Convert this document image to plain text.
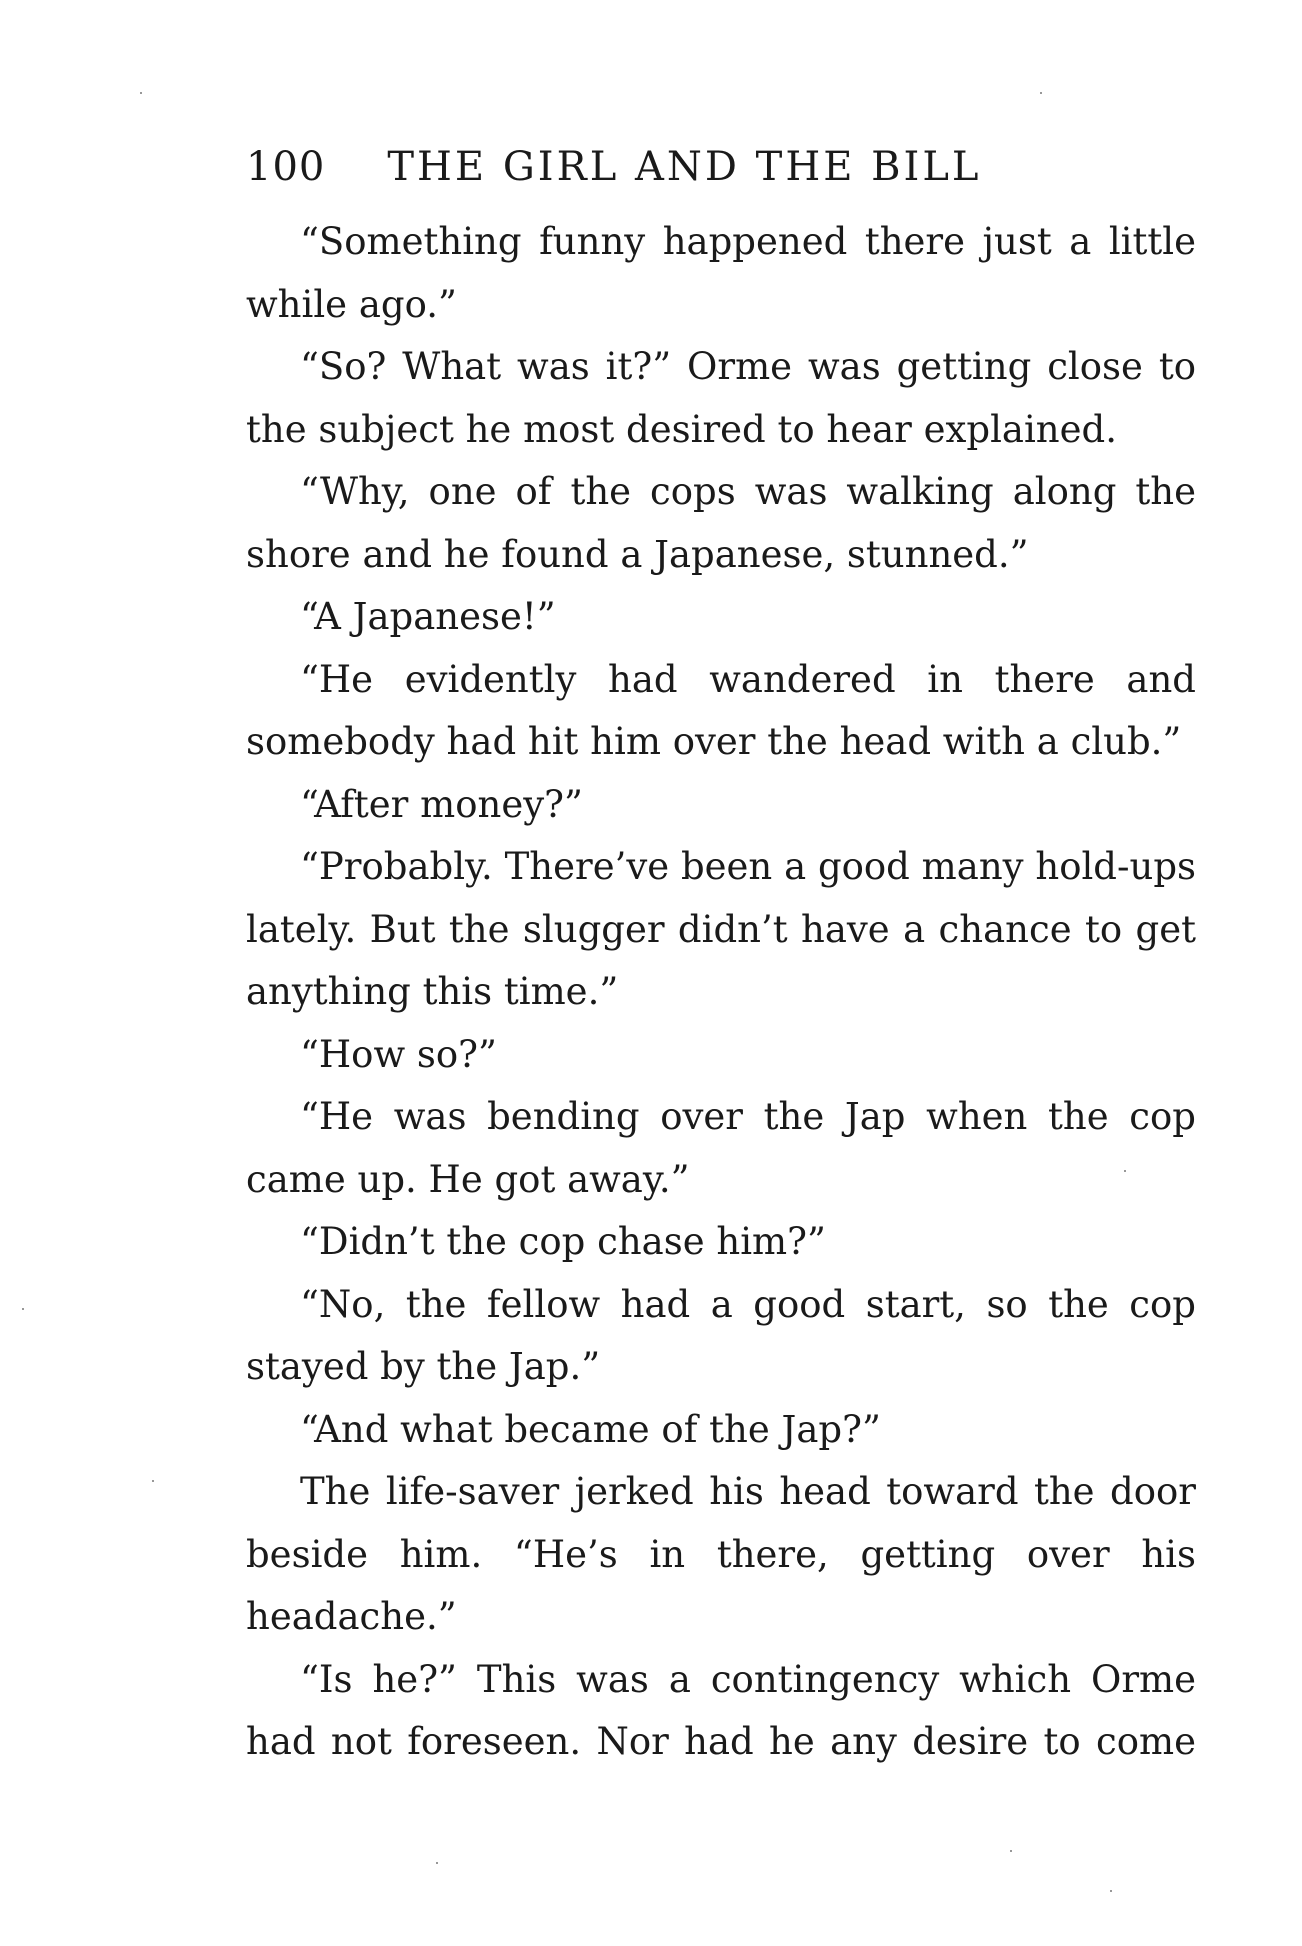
100 THE GIRL AND THE BILL

“Something funny happened there just a little while ago.”

“So? What was it?” Orme was getting close to the subject he most desired to hear explained.

“Why, one of the cops was walking along the shore and he found a Japanese, stunned.”

“A Japanese!”

“He evidently had wandered in there and somebody had hit him over the head with a club.”

“After money?”

“Probably. There’ve been a good many hold-ups lately. But the slugger didn’t have a chance to get anything this time.”

“How so?”

“He was bending over the Jap when the cop came up. He got away.”

“Didn’t the cop chase him?”

“No, the fellow had a good start, so the cop stayed by the Jap.”

“And what became of the Jap?”

The life-saver jerked his head toward the door beside him. “He’s in there, getting over his headache.”

“Is he?” This was a contingency which Orme had not foreseen. Nor had he any desire to come
